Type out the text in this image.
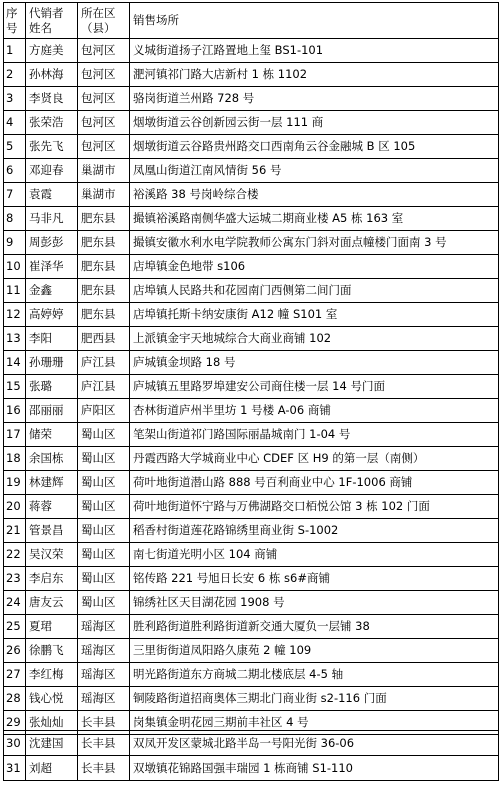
序号	代销者姓名	所在区（县）	销售场所
1	方庭美	包河区	义城街道扬子江路置地上玺 BS1-101
2	孙林海	包河区	淝河镇祁门路大店新村 1 栋 1102
3	李贤良	包河区	骆岗街道兰州路 728 号
4	张荣浩	包河区	烟墩街道云谷创新园云街一层 111 商
5	张先飞	包河区	烟墩街道云谷路贵州路交口西南角云谷金融城 B 区 105
6	邓迎春	巢湖市	凤凰山街道江南风情街 56 号
7	袁霞	巢湖市	裕溪路 38 号岗岭综合楼
8	马非凡	肥东县	撮镇裕溪路南侧华盛大运城二期商业楼 A5 栋 163 室
9	周彭彭	肥东县	撮镇安徽水利水电学院教师公寓东门斜对面点幢楼门面南 3 号
10	崔泽华	肥东县	店埠镇金色地带 s106
11	金鑫	肥东县	店埠镇人民路共和花园南门西侧第二间门面
12	高婷婷	肥东县	店埠镇托斯卡纳安康街 A12 幢 S101 室
13	李阳	肥西县	上派镇金宇天地城综合大商业商铺 102
14	孙珊珊	庐江县	庐城镇金坝路 18 号
15	张璐	庐江县	庐城镇五里路罗埠建安公司商住楼一层 14 号门面
16	邵丽丽	庐阳区	杏林街道庐州半里坊 1 号楼 A-06 商铺
17	储荣	蜀山区	笔架山街道祁门路国际丽晶城南门 1-04 号
18	余国栋	蜀山区	丹霞西路大学城商业中心 CDEF 区 H9 的第一层（南侧）
19	林建辉	蜀山区	荷叶地街道潜山路 888 号百利商业中心 1F-1006 商铺
20	蒋蓉	蜀山区	荷叶地街道怀宁路与万佛湖路交口栢悦公馆 3 栋 102 门面
21	管景昌	蜀山区	稻香村街道莲花路锦绣里商业街 S-1002
22	吴汉荣	蜀山区	南七街道光明小区 104 商铺
23	李启东	蜀山区	铭传路 221 号旭日长安 6 栋 s6#商铺
24	唐友云	蜀山区	锦绣社区天目湖花园 1908 号
25	夏珺	瑶海区	胜利路街道胜利路街道新交通大厦负一层铺 38
26	徐鹏飞	瑶海区	三里街街道凤阳路久康苑 2 幢 109
27	李红梅	瑶海区	明光路街道东方商城二期北楼底层 4-5 轴
28	钱心悦	瑶海区	铜陵路街道招商奥体三期北门商业街 s2-116 门面
29	张灿灿	长丰县	岗集镇金明花园三期前丰社区 4 号
30	沈建国	长丰县	双凤开发区蒙城北路半岛一号阳光街 36-06
31	刘超	长丰县	双墩镇花锦路国强丰瑞园 1 栋商铺 S1-110
